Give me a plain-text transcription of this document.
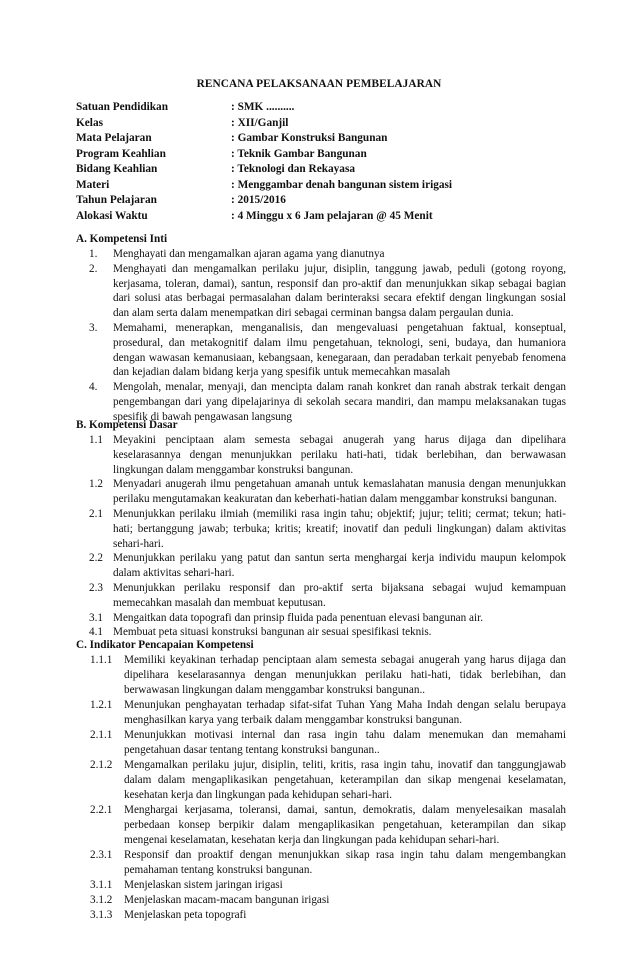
RENCANA PELAKSANAAN PEMBELAJARAN
Satuan Pendidikan	: SMK ..........
Kelas	: XII/Ganjil
Mata Pelajaran	: Gambar Konstruksi Bangunan
Program Keahlian	: Teknik Gambar Bangunan
Bidang Keahlian	: Teknologi dan Rekayasa
Materi	: Menggambar denah bangunan sistem irigasi
Tahun Pelajaran	: 2015/2016
Alokasi Waktu	: 4 Minggu x 6 Jam pelajaran @ 45 Menit
A. Kompetensi Inti
1.	Menghayati dan mengamalkan ajaran agama yang dianutnya
2.	Menghayati dan mengamalkan perilaku jujur, disiplin, tanggung jawab, peduli (gotong royong, kerjasama, toleran, damai), santun, responsif dan pro-aktif dan menunjukkan sikap sebagai bagian dari solusi atas berbagai permasalahan dalam berinteraksi secara efektif dengan lingkungan sosial dan alam serta dalam menempatkan diri sebagai cerminan bangsa dalam pergaulan dunia.
3.	Memahami, menerapkan, menganalisis, dan mengevaluasi pengetahuan faktual, konseptual, prosedural, dan metakognitif dalam ilmu pengetahuan, teknologi, seni, budaya, dan humaniora dengan wawasan kemanusiaan, kebangsaan, kenegaraan, dan peradaban terkait penyebab fenomena dan kejadian dalam bidang kerja yang spesifik untuk memecahkan masalah
4.	Mengolah, menalar, menyaji, dan mencipta dalam ranah konkret dan ranah abstrak terkait dengan pengembangan dari yang dipelajarinya di sekolah secara mandiri, dan mampu melaksanakan tugas spesifik di bawah pengawasan langsung
B. Kompetensi Dasar
1.1 Meyakini penciptaan alam semesta sebagai anugerah yang harus dijaga dan dipelihara keselarasannya dengan menunjukkan perilaku hati-hati, tidak berlebihan, dan berwawasan lingkungan dalam menggambar konstruksi bangunan.
1.2 Menyadari anugerah ilmu pengetahuan amanah untuk kemaslahatan manusia dengan menunjukkan perilaku mengutamakan keakuratan dan keberhati-hatian dalam menggambar konstruksi bangunan.
2.1 Menunjukkan perilaku ilmiah (memiliki rasa ingin tahu; objektif; jujur; teliti; cermat; tekun; hati-hati; bertanggung jawab; terbuka; kritis; kreatif; inovatif dan peduli lingkungan) dalam aktivitas sehari-hari.
2.2 Menunjukkan perilaku yang patut dan santun serta menghargai kerja individu maupun kelompok dalam aktivitas sehari-hari.
2.3 Menunjukkan perilaku responsif dan pro-aktif serta bijaksana sebagai wujud kemampuan memecahkan masalah dan membuat keputusan.
3.1 Mengaitkan data topografi dan prinsip fluida pada penentuan elevasi bangunan air.
4.1 Membuat peta situasi konstruksi bangunan air sesuai spesifikasi teknis.
C. Indikator Pencapaian Kompetensi
1.1.1	Memiliki keyakinan terhadap penciptaan alam semesta sebagai anugerah yang harus dijaga dan dipelihara keselarasannya dengan menunjukkan perilaku hati-hati, tidak berlebihan, dan berwawasan lingkungan dalam menggambar konstruksi bangunan..
1.2.1	Menunjukan penghayatan terhadap sifat-sifat Tuhan Yang Maha Indah dengan selalu berupaya menghasilkan karya yang terbaik dalam menggambar konstruksi bangunan.
2.1.1	Menunjukkan motivasi internal dan rasa ingin tahu dalam menemukan dan memahami pengetahuan dasar tentang tentang konstruksi bangunan..
2.1.2	Mengamalkan perilaku jujur, disiplin, teliti, kritis, rasa ingin tahu, inovatif dan tanggungjawab dalam dalam mengaplikasikan pengetahuan, keterampilan dan sikap mengenai keselamatan, kesehatan kerja dan lingkungan pada kehidupan sehari-hari.
2.2.1	Menghargai kerjasama, toleransi, damai, santun, demokratis, dalam menyelesaikan masalah perbedaan konsep berpikir dalam mengaplikasikan pengetahuan, keterampilan dan sikap mengenai keselamatan, kesehatan kerja dan lingkungan pada kehidupan sehari-hari.
2.3.1	Responsif dan proaktif dengan menunjukkan sikap rasa ingin tahu dalam mengembangkan pemahaman tentang konstruksi bangunan.
3.1.1	Menjelaskan sistem jaringan irigasi
3.1.2	Menjelaskan macam-macam bangunan irigasi
3.1.3	Menjelaskan peta topografi
